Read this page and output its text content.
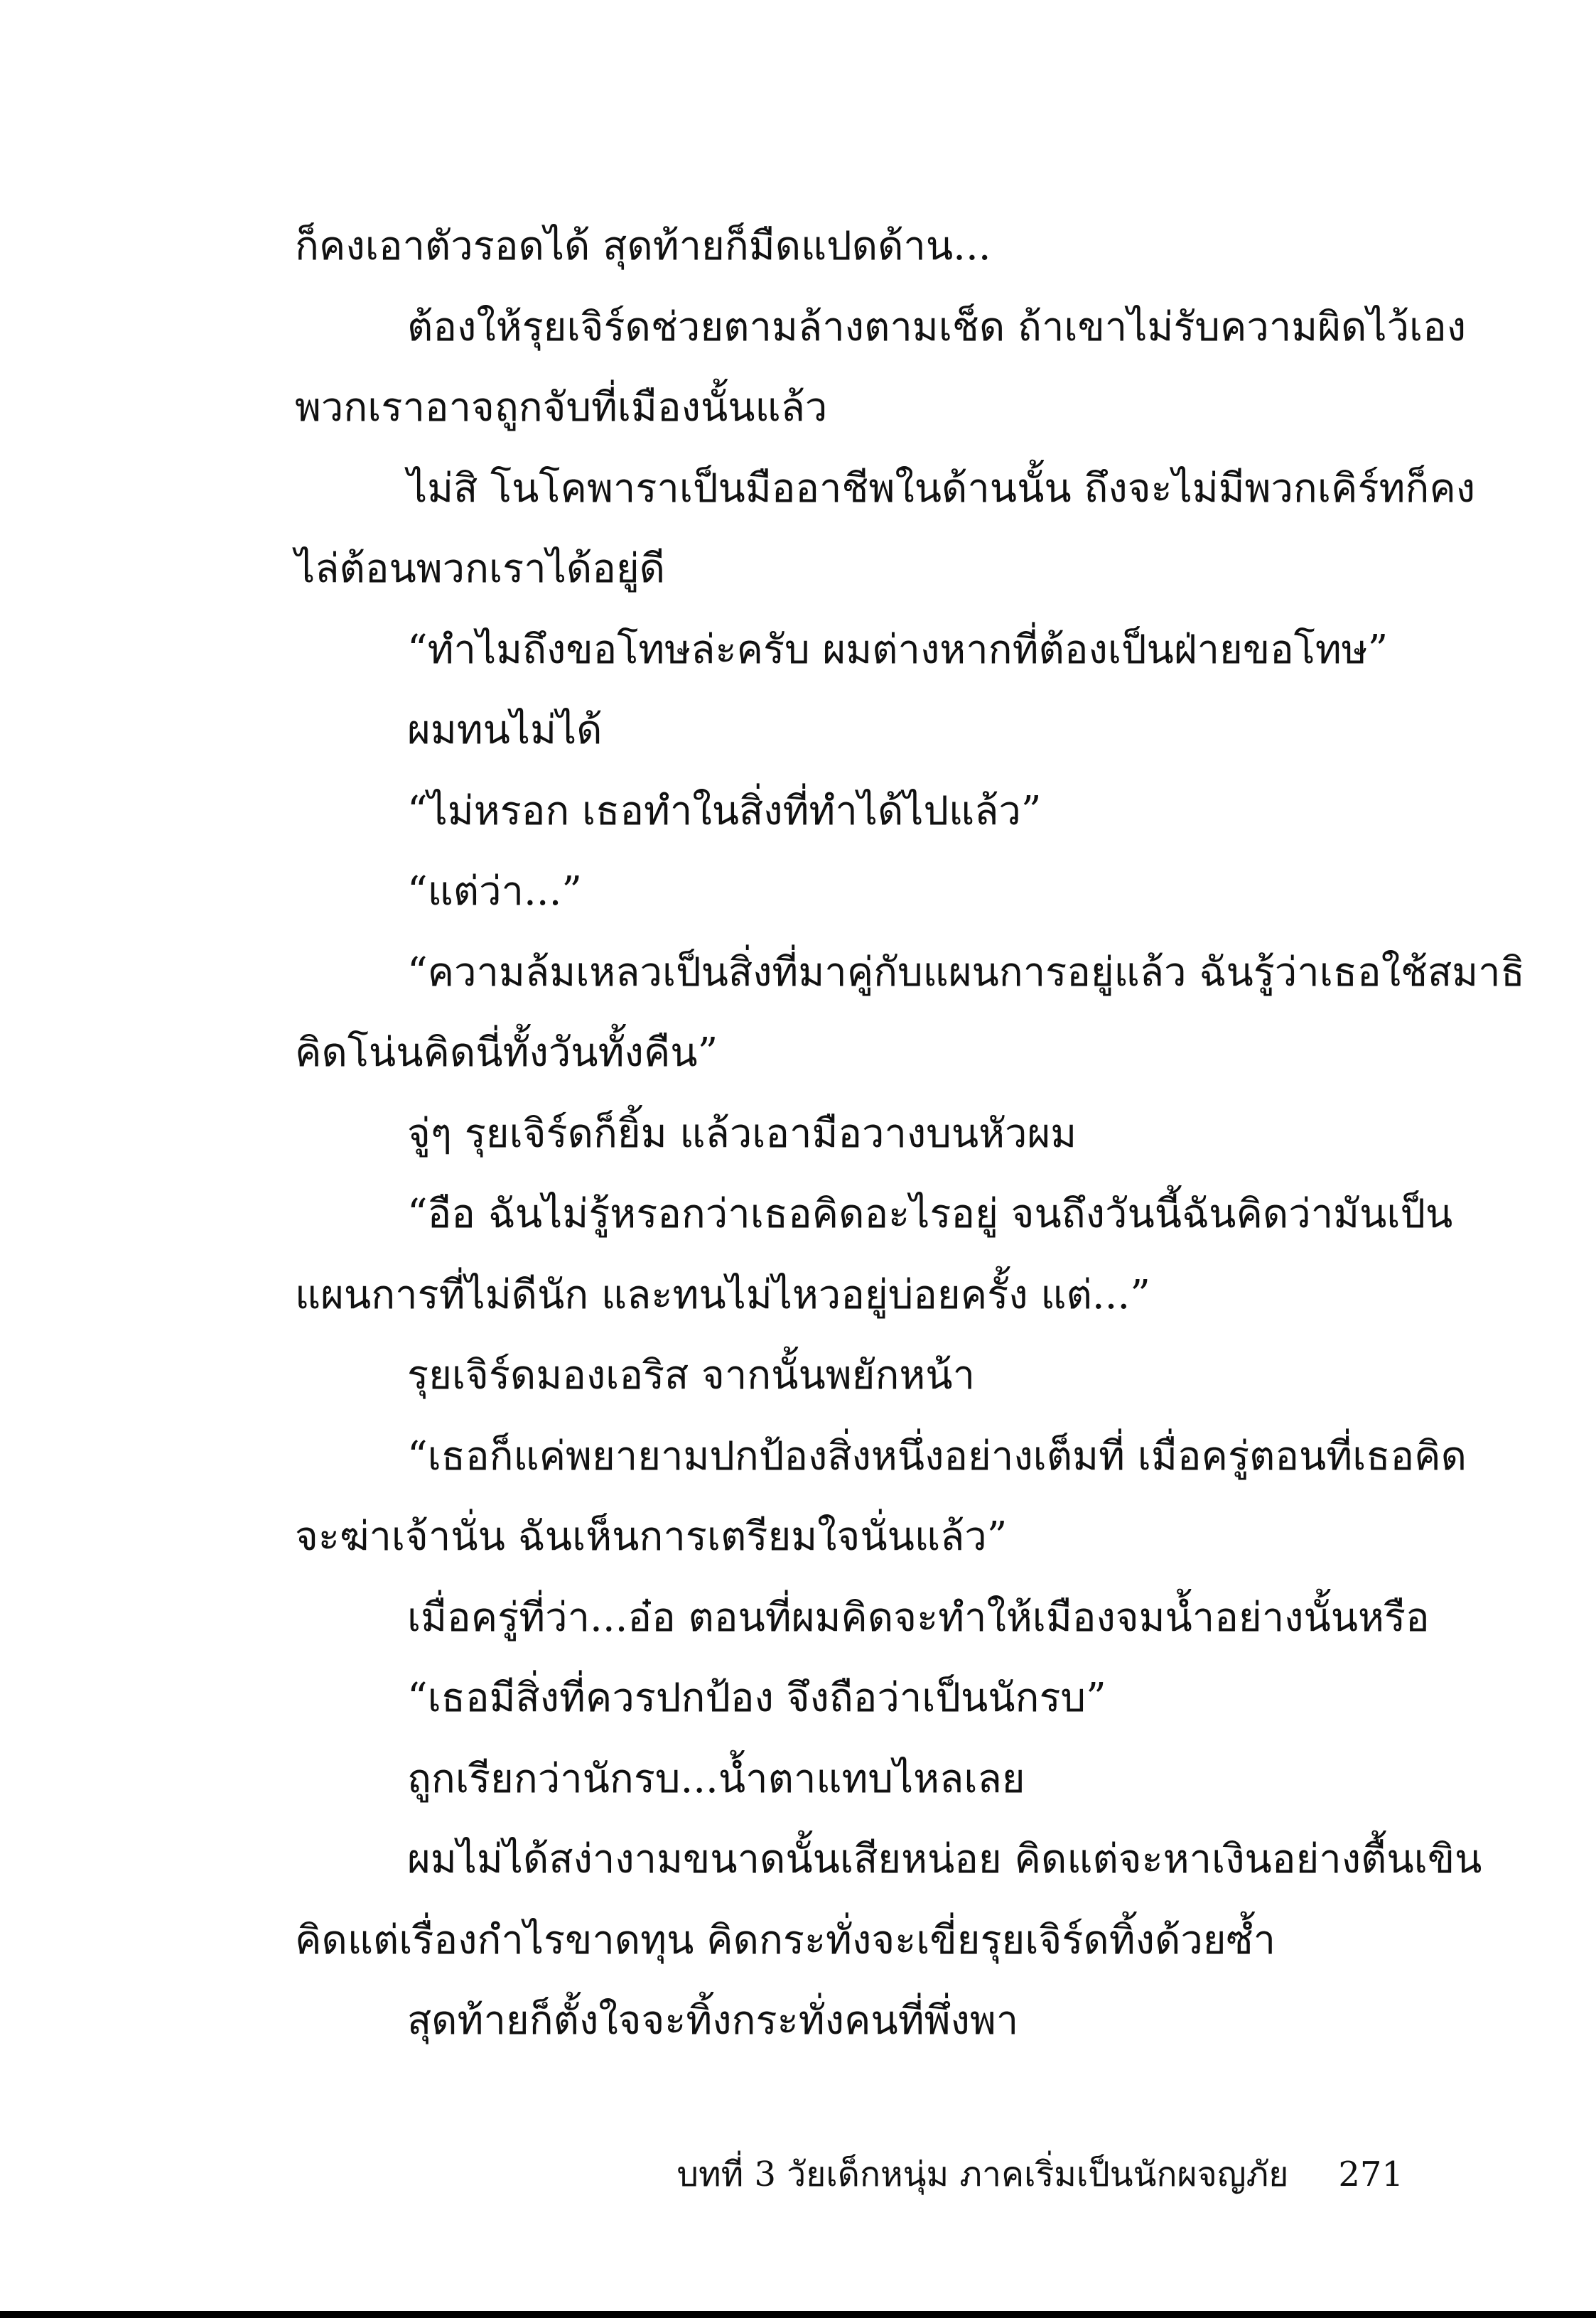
ก็คงเอาตัวรอดได้ สุดท้ายก็มืดแปดด้าน...
ต้องให้รุยเจิร์ดช่วยตามล้างตามเช็ด ถ้าเขาไม่รับความผิดไว้เอง
พวกเราอาจถูกจับที่เมืองนั้นแล้ว
ไม่สิ โนโคพาราเป็นมืออาชีพในด้านนั้น ถึงจะไม่มีพวกเคิร์ทก็คง
ไล่ต้อนพวกเราได้อยู่ดี
“ทำไมถึงขอโทษล่ะครับ ผมต่างหากที่ต้องเป็นฝ่ายขอโทษ”
ผมทนไม่ได้
“ไม่หรอก เธอทำในสิ่งที่ทำได้ไปแล้ว”
“แต่ว่า...”
“ความล้มเหลวเป็นสิ่งที่มาคู่กับแผนการอยู่แล้ว ฉันรู้ว่าเธอใช้สมาธิ
คิดโน่นคิดนี่ทั้งวันทั้งคืน”
จู่ๆ รุยเจิร์ดก็ยิ้ม แล้วเอามือวางบนหัวผม
“อือ ฉันไม่รู้หรอกว่าเธอคิดอะไรอยู่ จนถึงวันนี้ฉันคิดว่ามันเป็น
แผนการที่ไม่ดีนัก และทนไม่ไหวอยู่บ่อยครั้ง แต่...”
รุยเจิร์ดมองเอริส จากนั้นพยักหน้า
“เธอก็แค่พยายามปกป้องสิ่งหนึ่งอย่างเต็มที่ เมื่อครู่ตอนที่เธอคิด
จะฆ่าเจ้านั่น ฉันเห็นการเตรียมใจนั่นแล้ว”
เมื่อครู่ที่ว่า...อ๋อ ตอนที่ผมคิดจะทำให้เมืองจมน้ำอย่างนั้นหรือ
“เธอมีสิ่งที่ควรปกป้อง จึงถือว่าเป็นนักรบ”
ถูกเรียกว่านักรบ...น้ำตาแทบไหลเลย
ผมไม่ได้สง่างามขนาดนั้นเสียหน่อย คิดแต่จะหาเงินอย่างตื้นเขิน
คิดแต่เรื่องกำไรขาดทุน คิดกระทั่งจะเขี่ยรุยเจิร์ดทิ้งด้วยซ้ำ
สุดท้ายก็ตั้งใจจะทิ้งกระทั่งคนที่พึ่งพา
บทที่ 3 วัยเด็กหนุ่ม ภาคเริ่มเป็นนักผจญภัย 271
